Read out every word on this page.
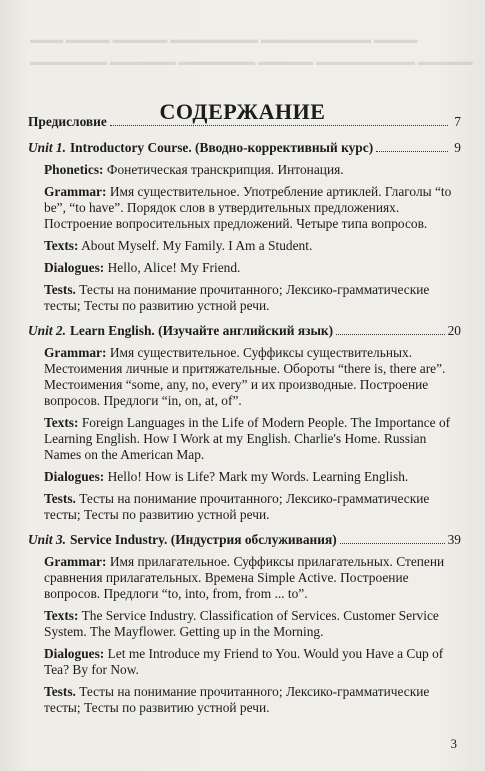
▬▬▬ ▬▬▬▬ ▬▬▬▬▬ ▬▬▬▬▬▬▬▬ ▬▬▬▬▬▬▬▬▬▬ ▬▬▬▬
▬▬▬▬▬▬▬ ▬▬▬▬▬▬ ▬▬▬▬▬▬▬ ▬▬▬▬▬ ▬▬▬▬▬▬▬▬▬ ▬▬▬▬▬
СОДЕРЖАНИЕ
Предисловие	7
Unit 1. Introductory Course. (Вводно-коррективный курс)	9
Phonetics: Фонетическая транскрипция. Интонация.
Grammar: Имя существительное. Употребление артиклей. Глаголы “to be”, “to have”. Порядок слов в утвердительных предложениях. Построение вопросительных предложений. Четыре типа вопросов.
Texts: About Myself. My Family. I Am a Student.
Dialogues: Hello, Alice! My Friend.
Tests. Тесты на понимание прочитанного; Лексико-грамматические тесты; Тесты по развитию устной речи.
Unit 2. Learn English. (Изучайте английский язык)	20
Grammar: Имя существительное. Суффиксы существительных. Местоимения личные и притяжательные. Обороты “there is, there are”. Местоимения “some, any, no, every” и их производные. Построение вопросов. Предлоги “in, on, at, of”.
Texts: Foreign Languages in the Life of Modern People. The Importance of Learning English. How I Work at my English. Charlie's Home. Russian Names on the American Map.
Dialogues: Hello! How is Life? Mark my Words. Learning English.
Tests. Тесты на понимание прочитанного; Лексико-грамматические тесты; Тесты по развитию устной речи.
Unit 3. Service Industry. (Индустрия обслуживания)	39
Grammar: Имя прилагательное. Суффиксы прилагательных. Степени сравнения прилагательных. Времена Simple Active. Построение вопросов. Предлоги “to, into, from, from ... to”.
Texts: The Service Industry. Classification of Services. Customer Service System. The Mayflower. Getting up in the Morning.
Dialogues: Let me Introduce my Friend to You. Would you Have a Cup of Tea? By for Now.
Tests. Тесты на понимание прочитанного; Лексико-грамматические тесты; Тесты по развитию устной речи.
3
